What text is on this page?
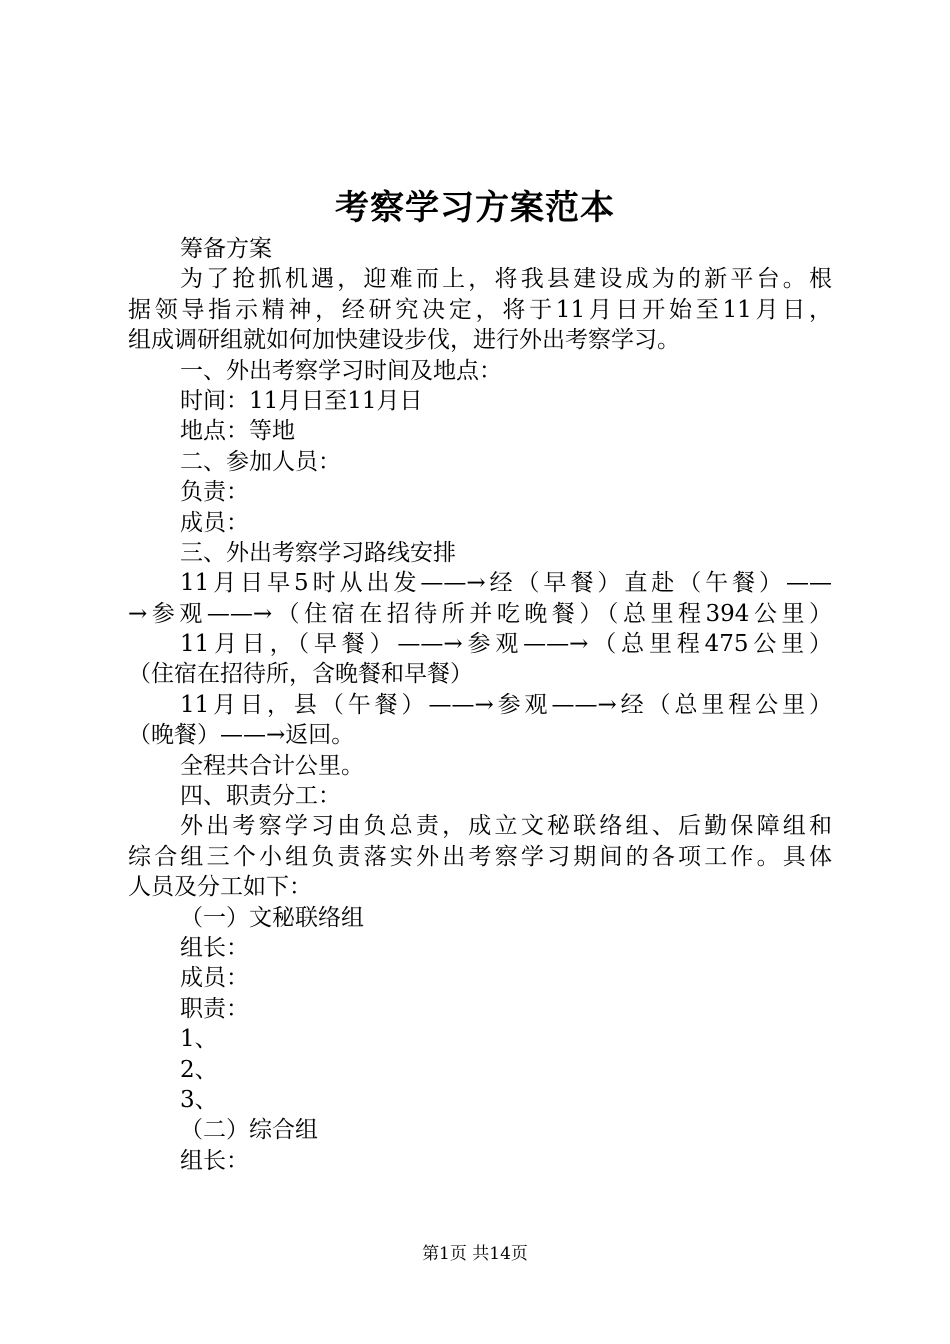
考察学习方案范本
筹备方案
为了抢抓机遇，迎难而上，将我县建设成为的新平台。根
据领导指示精神，经研究决定，将于11月日开始至11月日，
组成调研组就如何加快建设步伐，进行外出考察学习。
一、外出考察学习时间及地点：
时间：11月日至11月日
地点：等地
二、参加人员：
负责：
成员：
三、外出考察学习路线安排
11月日早5时从出发——→经（早餐）直赴（午餐）——
→参观——→（住宿在招待所并吃晚餐）（总里程394公里）
11月日，（早餐）——→参观——→（总里程475公里）
（住宿在招待所，含晚餐和早餐）
11月日，县（午餐）——→参观——→经（总里程公里）
（晚餐）——→返回。
全程共合计公里。
四、职责分工：
外出考察学习由负总责，成立文秘联络组、后勤保障组和
综合组三个小组负责落实外出考察学习期间的各项工作。具体
人员及分工如下：
（一）文秘联络组
组长：
成员：
职责：
1、
2、
3、
（二）综合组
组长：
第1页 共14页
